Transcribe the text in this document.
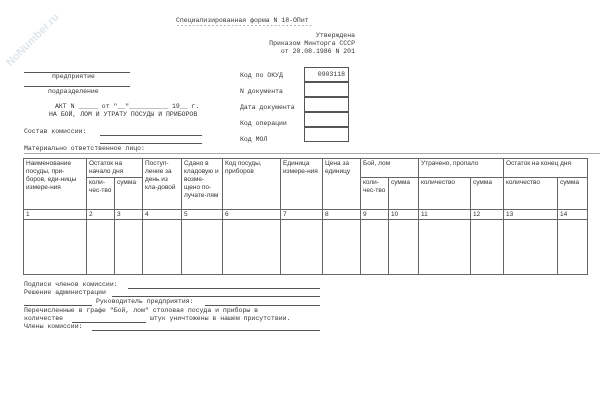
NoNumber.ru	Специализированная форма N 18-ОПит
-----------------------------------
Утверждена
Приказом Минторга СССР
от 20.08.1986 N 201
предприятие
подразделение
АКТ N _____ от "__"__________ 19__ г.
НА БОЙ, ЛОМ И УТРАТУ ПОСУДЫ И ПРИБОРОВ
Состав комиссии:
Материально ответственное лицо:
Код по ОКУД	0903118
N документа
Дата документа
Код операции
Код МОЛ
Наименование посуды, при-боров, еди-ницы измере-ния	Остаток на начало дня		Поступ-ление за день из кла-довой	Сдано в кладовую и возме-щено по-лучате-лям	Код посуды, приборов	Единица измере-ния	Цена за единицу	Бой, лом		Утрачено, пропало		Остаток на конец дня	
	коли-чес-тво	сумма						коли-чес-тво	сумма	количество	сумма	количество	сумма
1	2	3	4	5	6	7	8	9	10	11	12	13	14

Подписи членов комиссии:
Решение администрации
Руководитель предприятия:
Перечисленные в графе "Бой, лом" столовая посуда и приборы в
количестве	штук уничтожены в нашем присутствии.
Члены комиссии:
